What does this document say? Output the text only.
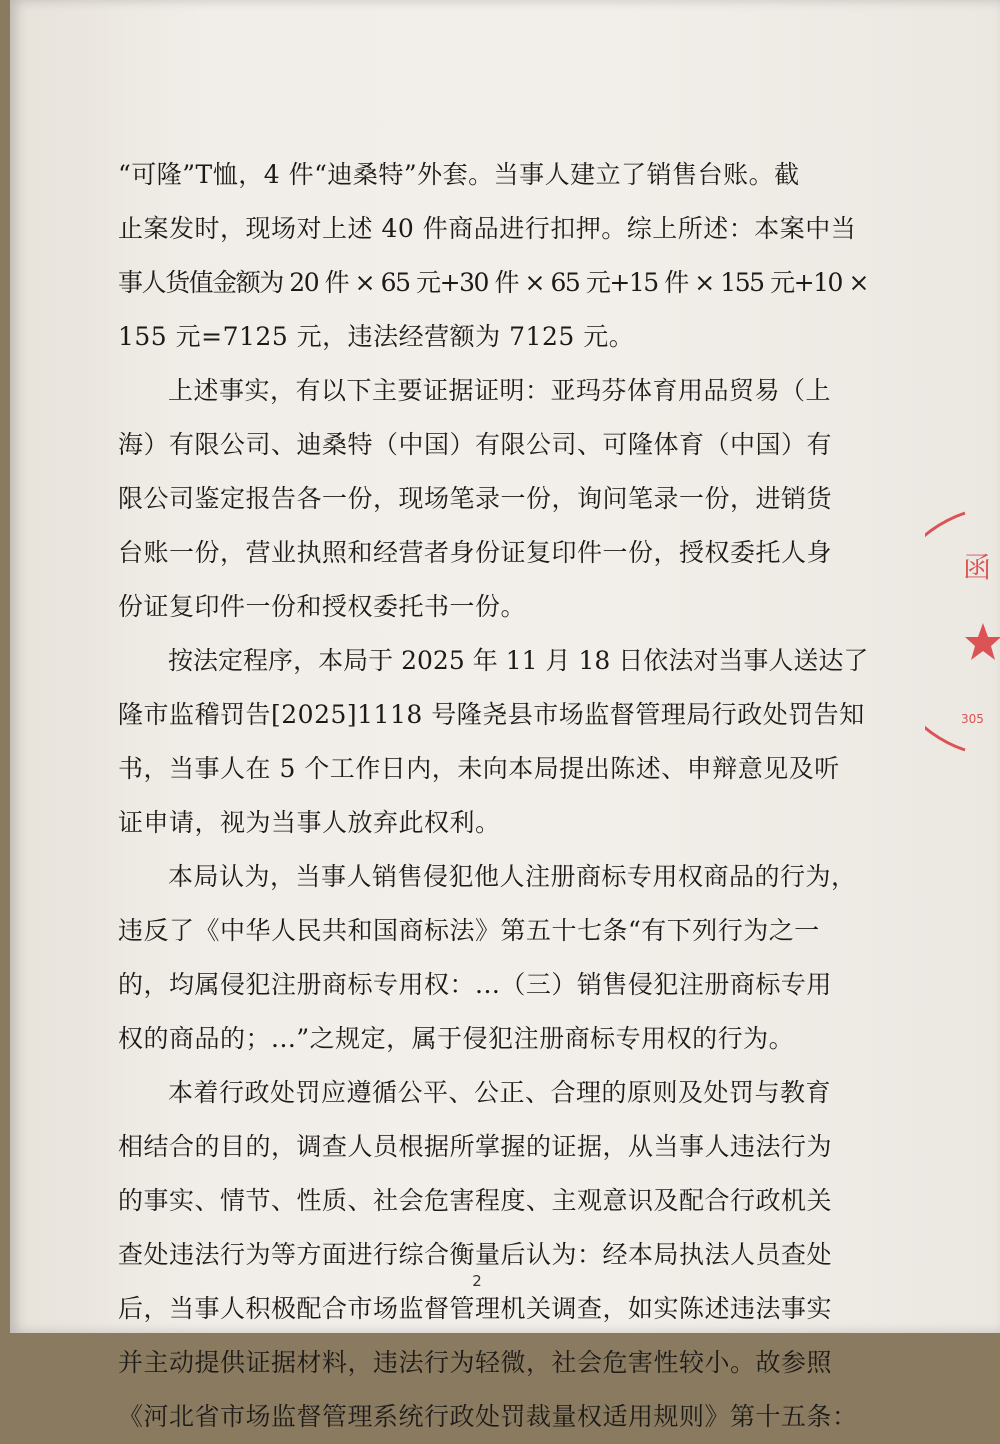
“可隆”T恤，4 件“迪桑特”外套。当事人建立了销售台账。截
止案发时，现场对上述 40 件商品进行扣押。综上所述：本案中当
事人货值金额为 20 件 × 65 元+30 件 × 65 元+15 件 × 155 元+10 ×
155 元=7125 元，违法经营额为 7125 元。
上述事实，有以下主要证据证明：亚玛芬体育用品贸易（上
海）有限公司、迪桑特（中国）有限公司、可隆体育（中国）有
限公司鉴定报告各一份，现场笔录一份，询问笔录一份，进销货
台账一份，营业执照和经营者身份证复印件一份，授权委托人身
份证复印件一份和授权委托书一份。
按法定程序，本局于 2025 年 11 月 18 日依法对当事人送达了
隆市监稽罚告[2025]1118 号隆尧县市场监督管理局行政处罚告知
书，当事人在 5 个工作日内，未向本局提出陈述、申辩意见及听
证申请，视为当事人放弃此权利。
本局认为，当事人销售侵犯他人注册商标专用权商品的行为，
违反了《中华人民共和国商标法》第五十七条“有下列行为之一
的，均属侵犯注册商标专用权：...（三）销售侵犯注册商标专用
权的商品的；...”之规定，属于侵犯注册商标专用权的行为。
本着行政处罚应遵循公平、公正、合理的原则及处罚与教育
相结合的目的，调查人员根据所掌握的证据，从当事人违法行为
的事实、情节、性质、社会危害程度、主观意识及配合行政机关
查处违法行为等方面进行综合衡量后认为：经本局执法人员查处
后，当事人积极配合市场监督管理机关调查，如实陈述违法事实
并主动提供证据材料，违法行为轻微，社会危害性较小。故参照
《河北省市场监督管理系统行政处罚裁量权适用规则》第十五条：
2
函
305
